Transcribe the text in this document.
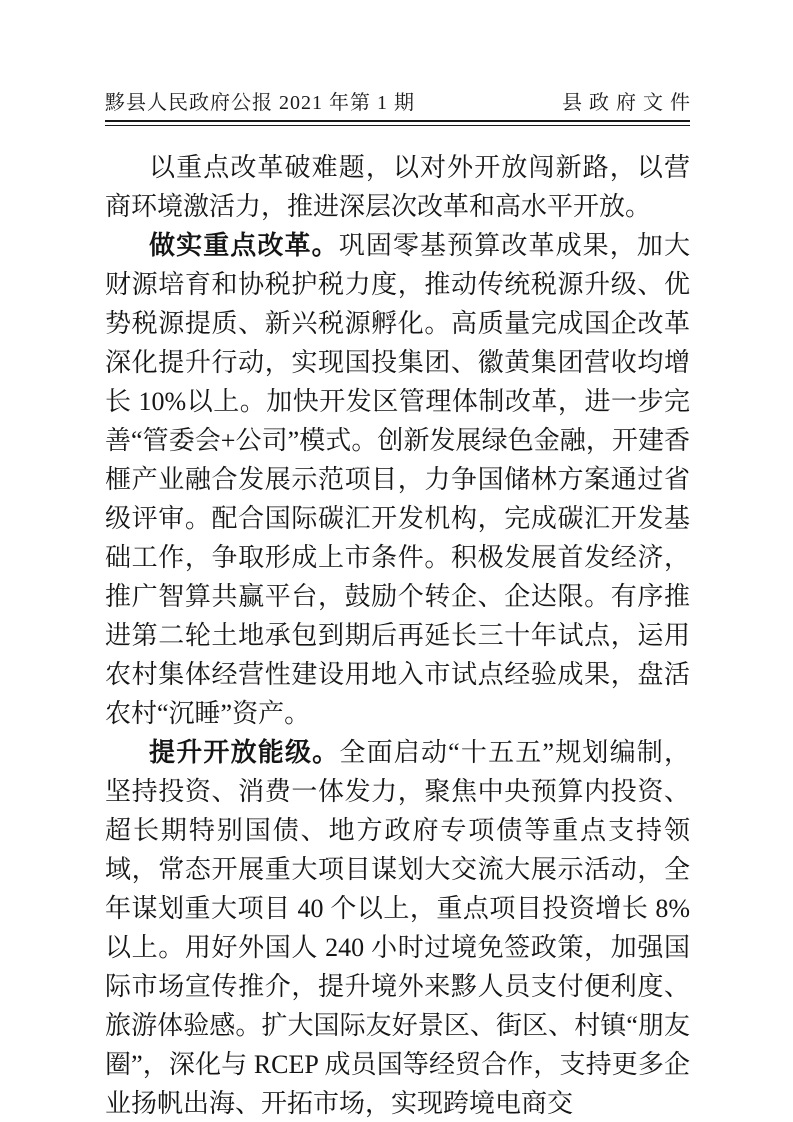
黟县人民政府公报 2021 年第 1 期	县政府文件

以重点改革破难题，以对外开放闯新路，以营商环境激活力，推进深层次改革和高水平开放。

做实重点改革。巩固零基预算改革成果，加大财源培育和协税护税力度，推动传统税源升级、优势税源提质、新兴税源孵化。高质量完成国企改革深化提升行动，实现国投集团、徽黄集团营收均增长 10%以上。加快开发区管理体制改革，进一步完善“管委会+公司”模式。创新发展绿色金融，开建香榧产业融合发展示范项目，力争国储林方案通过省级评审。配合国际碳汇开发机构，完成碳汇开发基础工作，争取形成上市条件。积极发展首发经济，推广智算共赢平台，鼓励个转企、企达限。有序推进第二轮土地承包到期后再延长三十年试点，运用农村集体经营性建设用地入市试点经验成果，盘活农村“沉睡”资产。

提升开放能级。全面启动“十五五”规划编制，坚持投资、消费一体发力，聚焦中央预算内投资、超长期特别国债、地方政府专项债等重点支持领域，常态开展重大项目谋划大交流大展示活动，全年谋划重大项目 40 个以上，重点项目投资增长 8%以上。用好外国人 240 小时过境免签政策，加强国际市场宣传推介，提升境外来黟人员支付便利度、旅游体验感。扩大国际友好景区、街区、村镇“朋友圈”，深化与 RCEP 成员国等经贸合作，支持更多企业扬帆出海、开拓市场，实现跨境电商交
